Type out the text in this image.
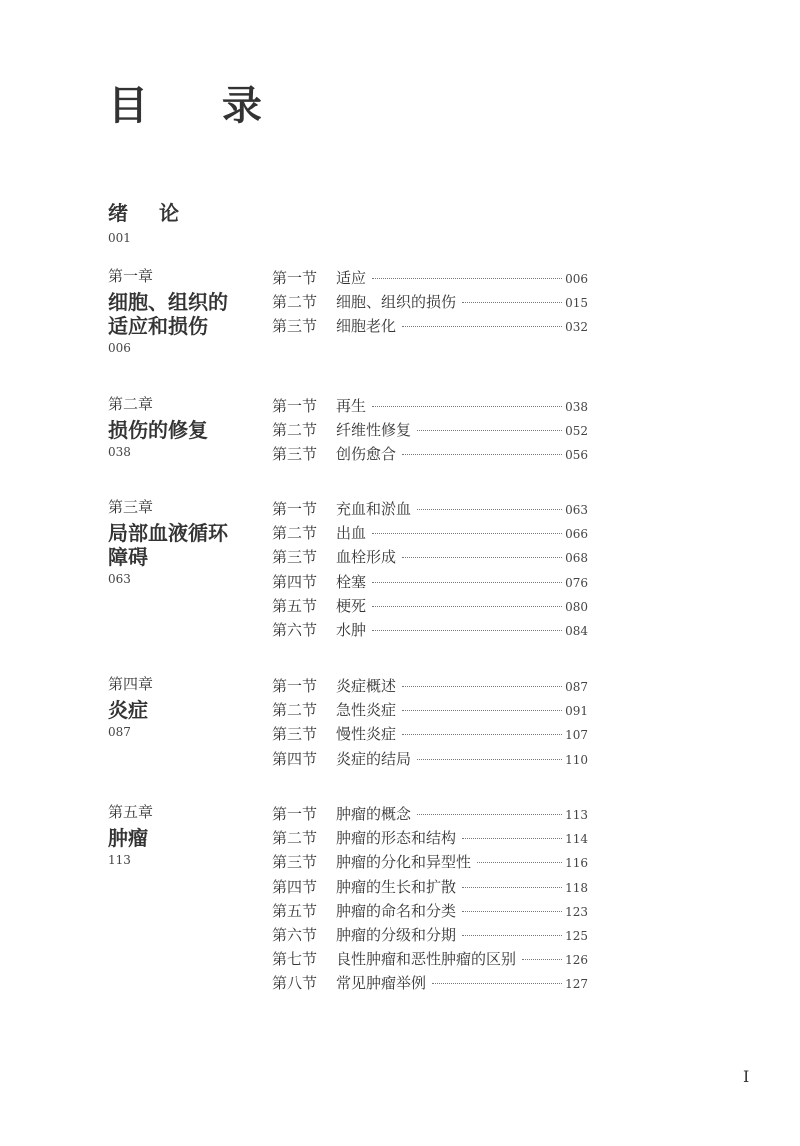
目 录
绪 论
001
第一章
细胞、组织的
适应和损伤
006
第一节	适应	006
第二节	细胞、组织的损伤	015
第三节	细胞老化	032
第二章
损伤的修复
038
第一节	再生	038
第二节	纤维性修复	052
第三节	创伤愈合	056
第三章
局部血液循环
障碍
063
第一节	充血和淤血	063
第二节	出血	066
第三节	血栓形成	068
第四节	栓塞	076
第五节	梗死	080
第六节	水肿	084
第四章
炎症
087
第一节	炎症概述	087
第二节	急性炎症	091
第三节	慢性炎症	107
第四节	炎症的结局	110
第五章
肿瘤
113
第一节	肿瘤的概念	113
第二节	肿瘤的形态和结构	114
第三节	肿瘤的分化和异型性	116
第四节	肿瘤的生长和扩散	118
第五节	肿瘤的命名和分类	123
第六节	肿瘤的分级和分期	125
第七节	良性肿瘤和恶性肿瘤的区别	126
第八节	常见肿瘤举例	127
I
